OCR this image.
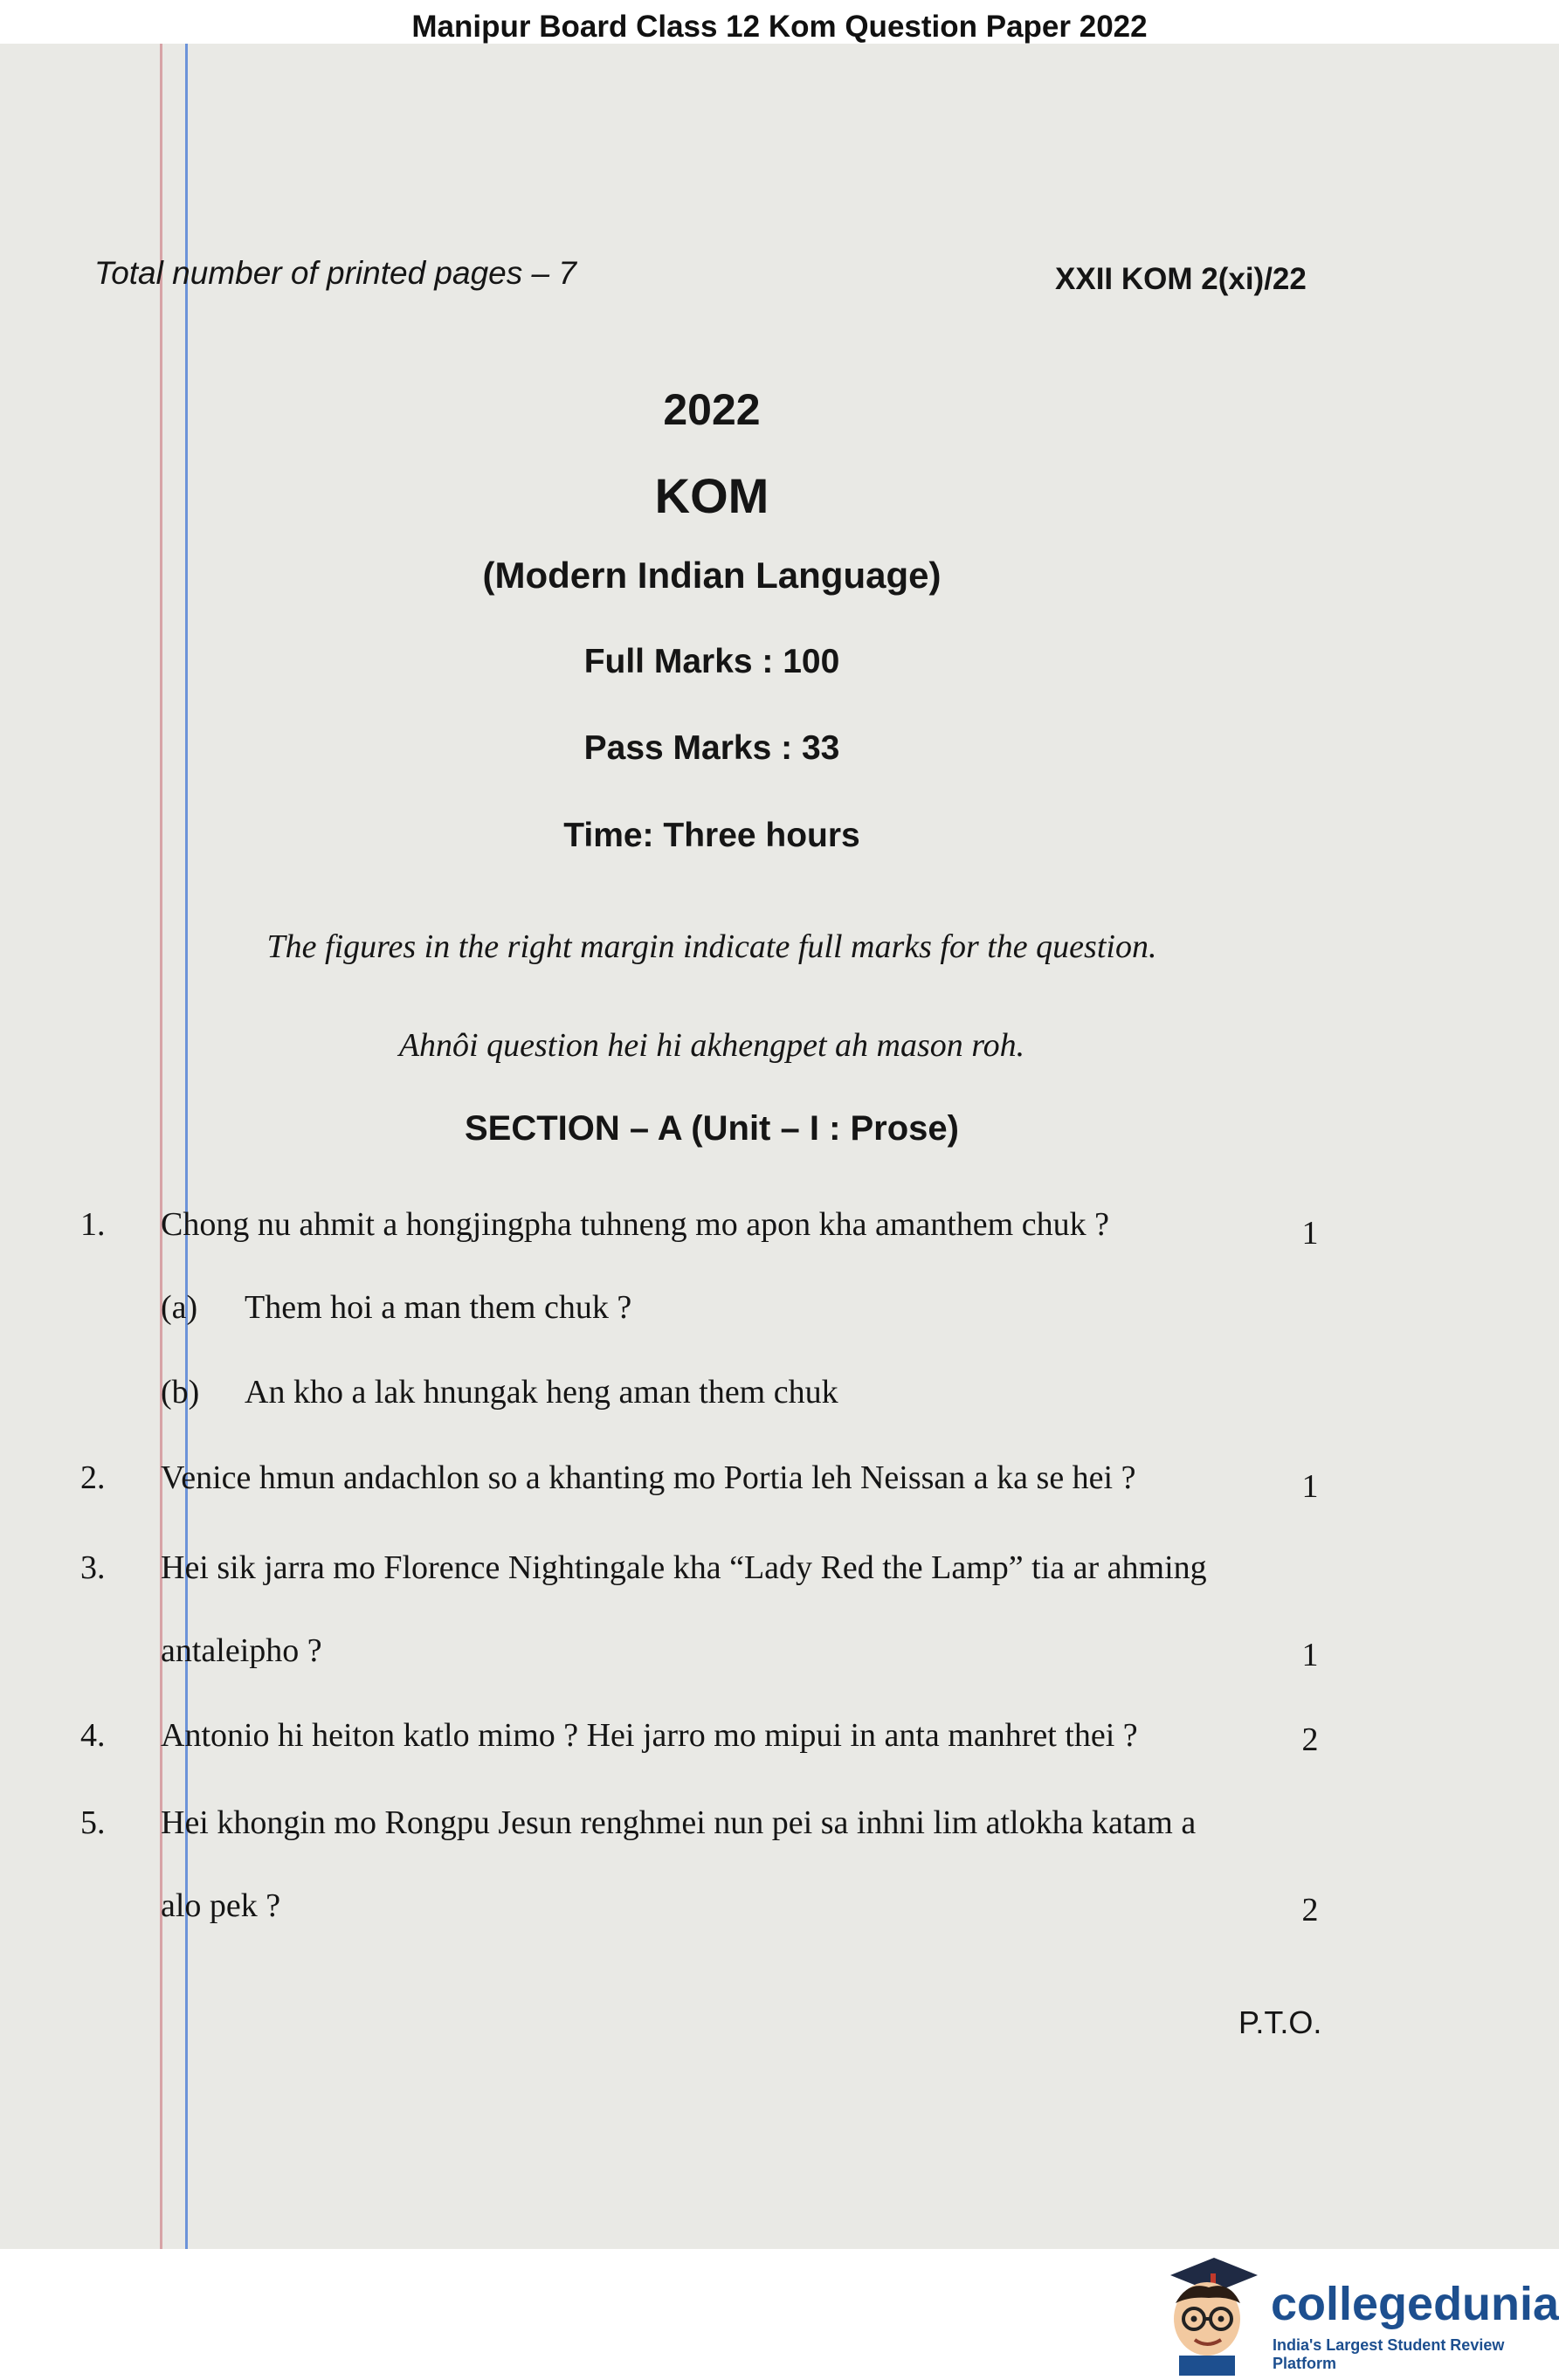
Manipur Board Class 12 Kom Question Paper 2022
Total number of printed pages – 7	XXII KOM 2(xi)/22
2022
KOM
(Modern Indian Language)
Full Marks : 100
Pass Marks : 33
Time: Three hours
The figures in the right margin indicate full marks for the question.
Ahnôi question hei hi akhengpet ah mason roh.
SECTION – A (Unit – I : Prose)
1. Chong nu ahmit a hongjingpha tuhneng mo apon kha amanthem chuk ?	1
(a) Them hoi a man them chuk ?
(b) An kho a lak hnungak heng aman them chuk
2. Venice hmun andachlon so a khanting mo Portia leh Neissan a ka se hei ?	1
3. Hei sik jarra mo Florence Nightingale kha “Lady Red the Lamp” tia ar ahming
antaleipho ?	1
4. Antonio hi heiton katlo mimo ? Hei jarro mo mipui in anta manhret thei ?	2
5. Hei khongin mo Rongpu Jesun renghmei nun pei sa inhni lim atlokha katam a
alo pek ?	2
P.T.O.
collegedunia
India's Largest Student Review Platform
